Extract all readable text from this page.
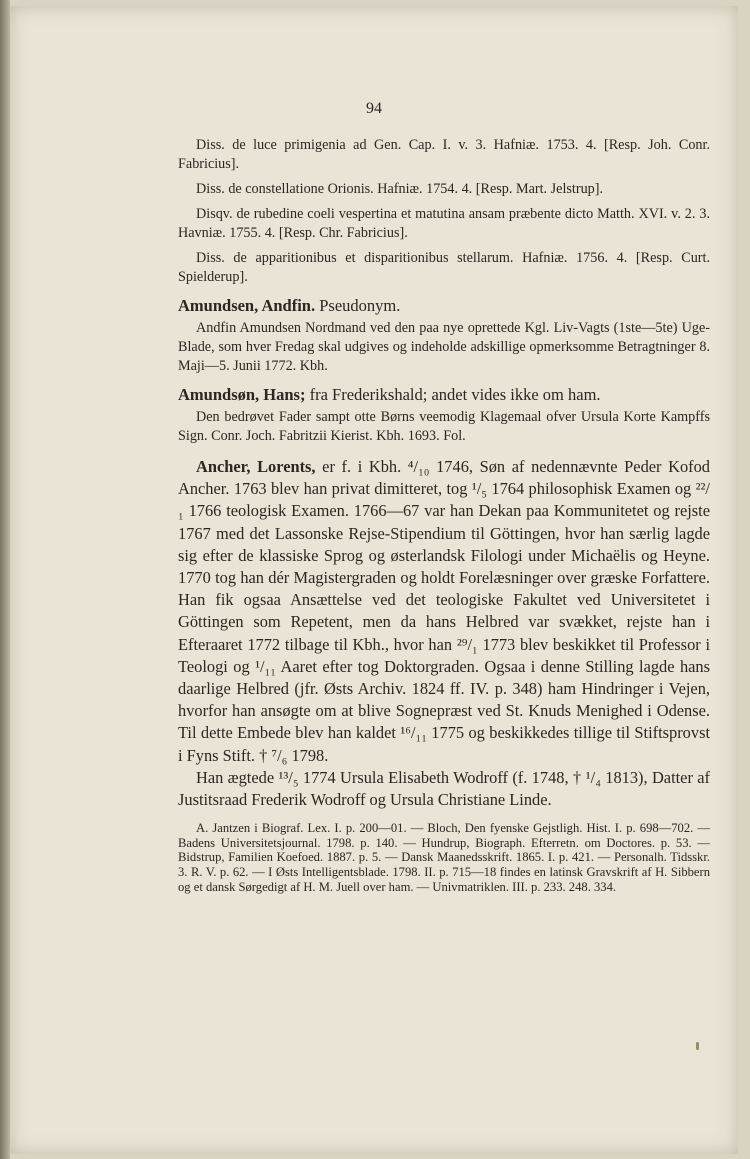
94

Diss. de luce primigenia ad Gen. Cap. I. v. 3. Hafniæ. 1753. 4. [Resp. Joh. Conr. Fabricius].

Diss. de constellatione Orionis. Hafniæ. 1754. 4. [Resp. Mart. Jelstrup].

Disqv. de rubedine coeli vespertina et matutina ansam præbente dicto Matth. XVI. v. 2. 3. Havniæ. 1755. 4. [Resp. Chr. Fabricius].

Diss. de apparitionibus et disparitionibus stellarum. Hafniæ. 1756. 4. [Resp. Curt. Spielderup].

Amundsen, Andfin. Pseudonym.

Andfin Amundsen Nordmand ved den paa nye oprettede Kgl. Liv-Vagts (1ste—5te) Uge-Blade, som hver Fredag skal udgives og indeholde adskillige opmerksomme Betragtninger 8. Maji—5. Junii 1772. Kbh.

Amundsøn, Hans; fra Frederikshald; andet vides ikke om ham.

Den bedrøvet Fader sampt otte Børns veemodig Klagemaal ofver Ursula Korte Kampffs Sign. Conr. Joch. Fabritzii Kierist. Kbh. 1693. Fol.

Ancher, Lorents, er f. i Kbh. ⁴/₁₀ 1746, Søn af nedennævnte Peder Kofod Ancher. 1763 blev han privat dimitteret, tog ¹/₅ 1764 philosophisk Examen og ²²/₁ 1766 teologisk Examen. 1766—67 var han Dekan paa Kommunitetet og rejste 1767 med det Lassonske Rejse-Stipendium til Göttingen, hvor han særlig lagde sig efter de klassiske Sprog og østerlandsk Filologi under Michaëlis og Heyne. 1770 tog han dér Magistergraden og holdt Forelæsninger over græske Forfattere. Han fik ogsaa Ansættelse ved det teologiske Fakultet ved Universitetet i Göttingen som Repetent, men da hans Helbred var svækket, rejste han i Efteraaret 1772 tilbage til Kbh., hvor han ²⁹/₁ 1773 blev beskikket til Professor i Teologi og ¹/₁₁ Aaret efter tog Doktorgraden. Ogsaa i denne Stilling lagde hans daarlige Helbred (jfr. Østs Archiv. 1824 ff. IV. p. 348) ham Hindringer i Vejen, hvorfor han ansøgte om at blive Sognepræst ved St. Knuds Menighed i Odense. Til dette Embede blev han kaldet ¹⁶/₁₁ 1775 og beskikkedes tillige til Stiftsprovst i Fyns Stift. † ⁷/₆ 1798.

Han ægtede ¹³/₅ 1774 Ursula Elisabeth Wodroff (f. 1748, † ¹/₄ 1813), Datter af Justitsraad Frederik Wodroff og Ursula Christiane Linde.

A. Jantzen i Biograf. Lex. I. p. 200—01. — Bloch, Den fyenske Gejstligh. Hist. I. p. 698—702. — Badens Universitetsjournal. 1798. p. 140. — Hundrup, Biograph. Efterretn. om Doctores. p. 53. — Bidstrup, Familien Koefoed. 1887. p. 5. — Dansk Maanedsskrift. 1865. I. p. 421. — Personalh. Tidsskr. 3. R. V. p. 62. — I Østs Intelligentsblade. 1798. II. p. 715—18 findes en latinsk Gravskrift af H. Sibbern og et dansk Sørgedigt af H. M. Juell over ham. — Univmatriklen. III. p. 233. 248. 334.
